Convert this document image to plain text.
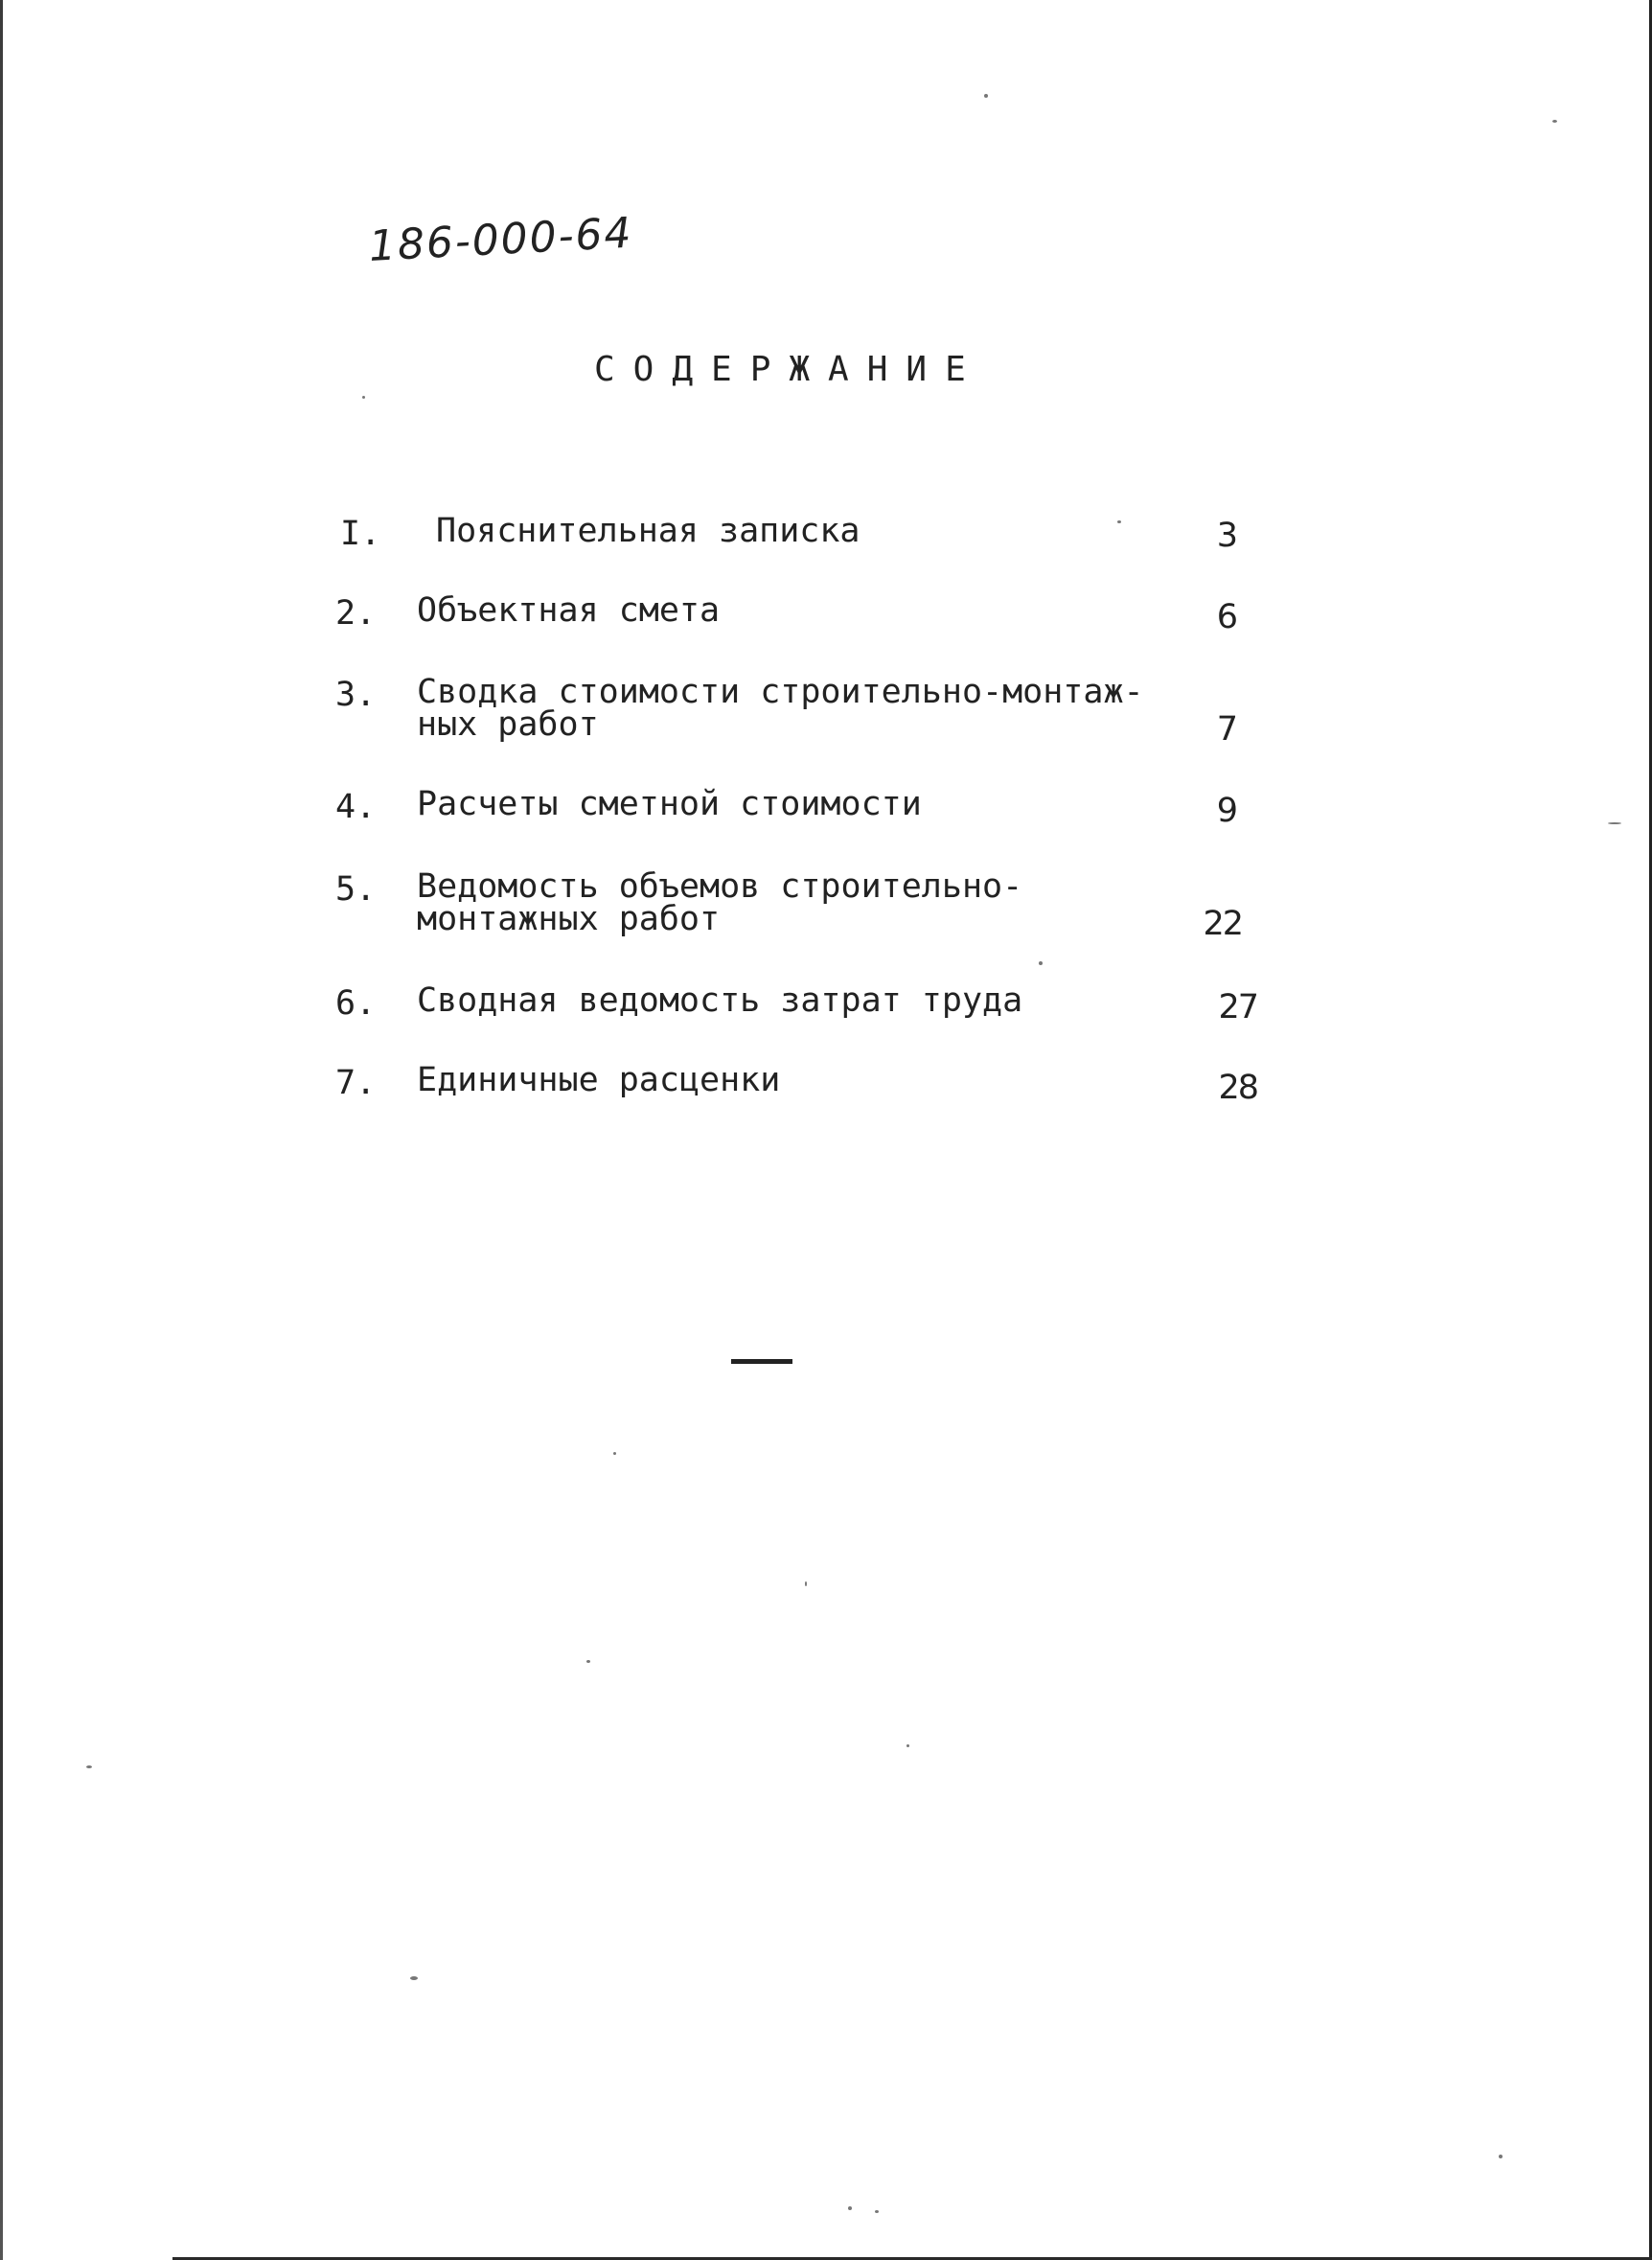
186-000-64
СОДЕРЖАНИЕ
I. Пояснительная записка	3
2. Объектная смета	6
3. Сводка стоимости строительно-монтаж-
ных работ	7
4. Расчеты сметной стоимости	9
5. Ведомость объемов строительно-
монтажных работ	22
6. Сводная ведомость затрат труда	27
7. Единичные расценки	28
